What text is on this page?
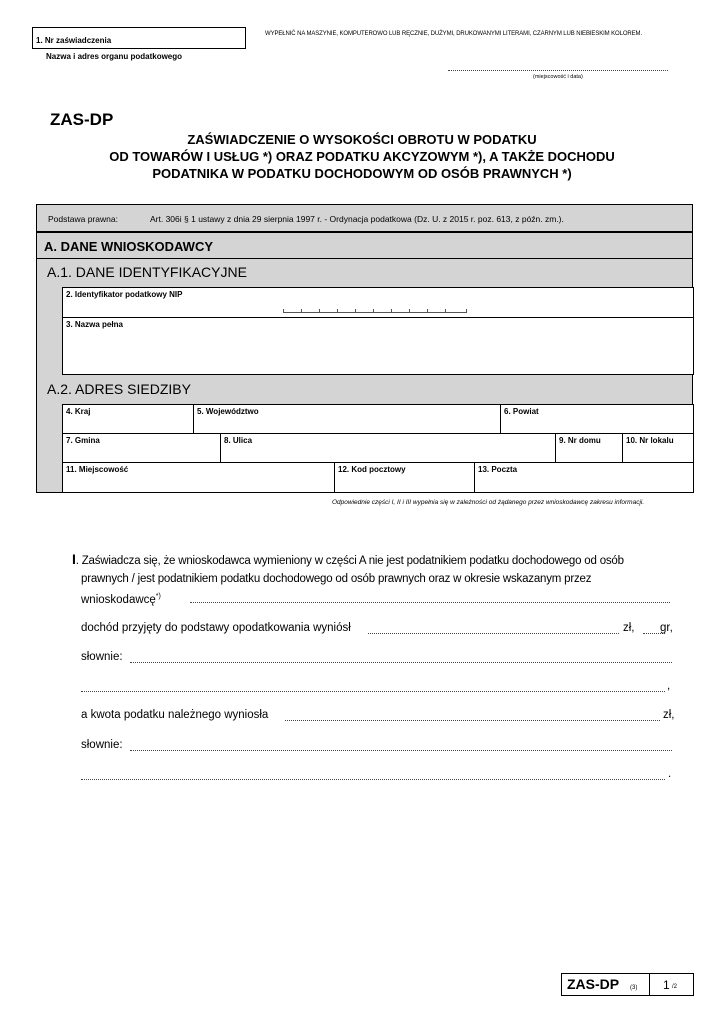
1. Nr zaświadczenia
WYPEŁNIĆ NA MASZYNIE, KOMPUTEROWO LUB RĘCZNIE, DUŻYMI, DRUKOWANYMI LITERAMI, CZARNYM LUB NIEBIESKIM KOLOREM.
Nazwa i adres organu podatkowego
(miejscowość i data)
ZAS-DP
ZAŚWIADCZENIE O WYSOKOŚCI OBROTU W PODATKU
OD TOWARÓW I USŁUG *) ORAZ PODATKU AKCYZOWYM *), A TAKŻE DOCHODU
PODATNIKA W PODATKU DOCHODOWYM OD OSÓB PRAWNYCH *)
Podstawa prawna:	Art. 306i § 1 ustawy z dnia 29 sierpnia 1997 r. - Ordynacja podatkowa (Dz. U. z 2015 r. poz. 613, z późn. zm.).
A. DANE WNIOSKODAWCY
A.1. DANE IDENTYFIKACYJNE
2. Identyfikator podatkowy NIP
3. Nazwa pełna
A.2. ADRES SIEDZIBY
4. Kraj	5. Województwo	6. Powiat
7. Gmina	8. Ulica	9. Nr domu	10. Nr lokalu
11. Miejscowość	12. Kod pocztowy	13. Poczta
Odpowiednie części I, II i III wypełnia się w zależności od żądanego przez wnioskodawcę zakresu informacji.
I. Zaświadcza się, że wnioskodawca wymieniony w części A nie jest podatnikiem podatku dochodowego od osób
prawnych / jest podatnikiem podatku dochodowego od osób prawnych oraz w okresie wskazanym przez
wnioskodawcę*)
dochód przyjęty do podstawy opodatkowania wyniósł	zł, gr,
słownie:
,
a kwota podatku należnego wyniosła	zł,
słownie:
.
ZAS-DP (3) 1 /2
